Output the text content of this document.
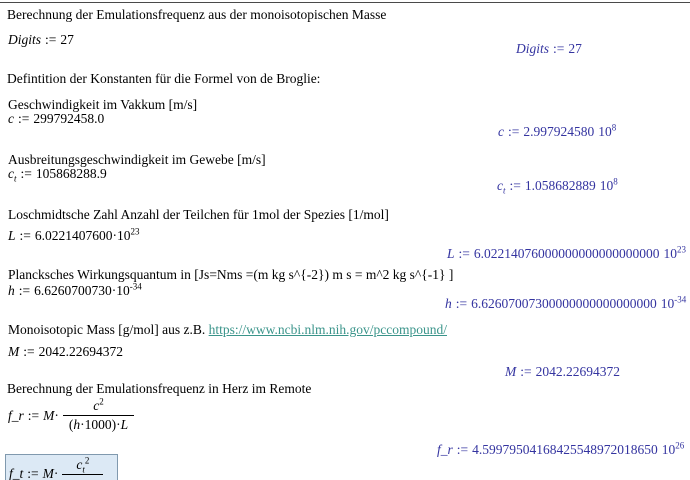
Berechnung der Emulationsfrequenz aus der monoisotopischen Masse
Digits := 27
Digits := 27
Defintition der Konstanten für die Formel von de Broglie:
Geschwindigkeit im Vakkum [m/s]
c := 299792458.0
c := 2.997924580 $10^8$
Ausbreitungsgeschwindigkeit im Gewebe [m/s]
$c_t$ := 105868288.9
$c_t$ := 1.058682889 $10^8$
Loschmidtsche Zahl Anzahl der Teilchen für 1mol der Spezies [1/mol]
L := $6.0221407600\cdot 10^{23}$
L := 6.02214076000000000000000000 $10^{23}$
Plancksches Wirkungsquantum in [Js=Nms =(m kg s^{-2}) m s = m^2 kg s^{-1} ]
h := $6.6260700730\cdot 10^{-34}$
h := 6.62607007300000000000000000 $10^{-34}$
Monoisotopic Mass [g/mol] aus z.B. https://www.ncbi.nlm.nih.gov/pccompound/
M := 2042.22694372
M := 2042.22694372
Berechnung der Emulationsfrequenz in Herz im Remote
f_r := $M\cdot \frac{c^2}{(h\cdot 1000)\cdot L}$
f_r := 4.59979504168425548972018650 $10^{26}$
f_t := M·
$c_t^2$
